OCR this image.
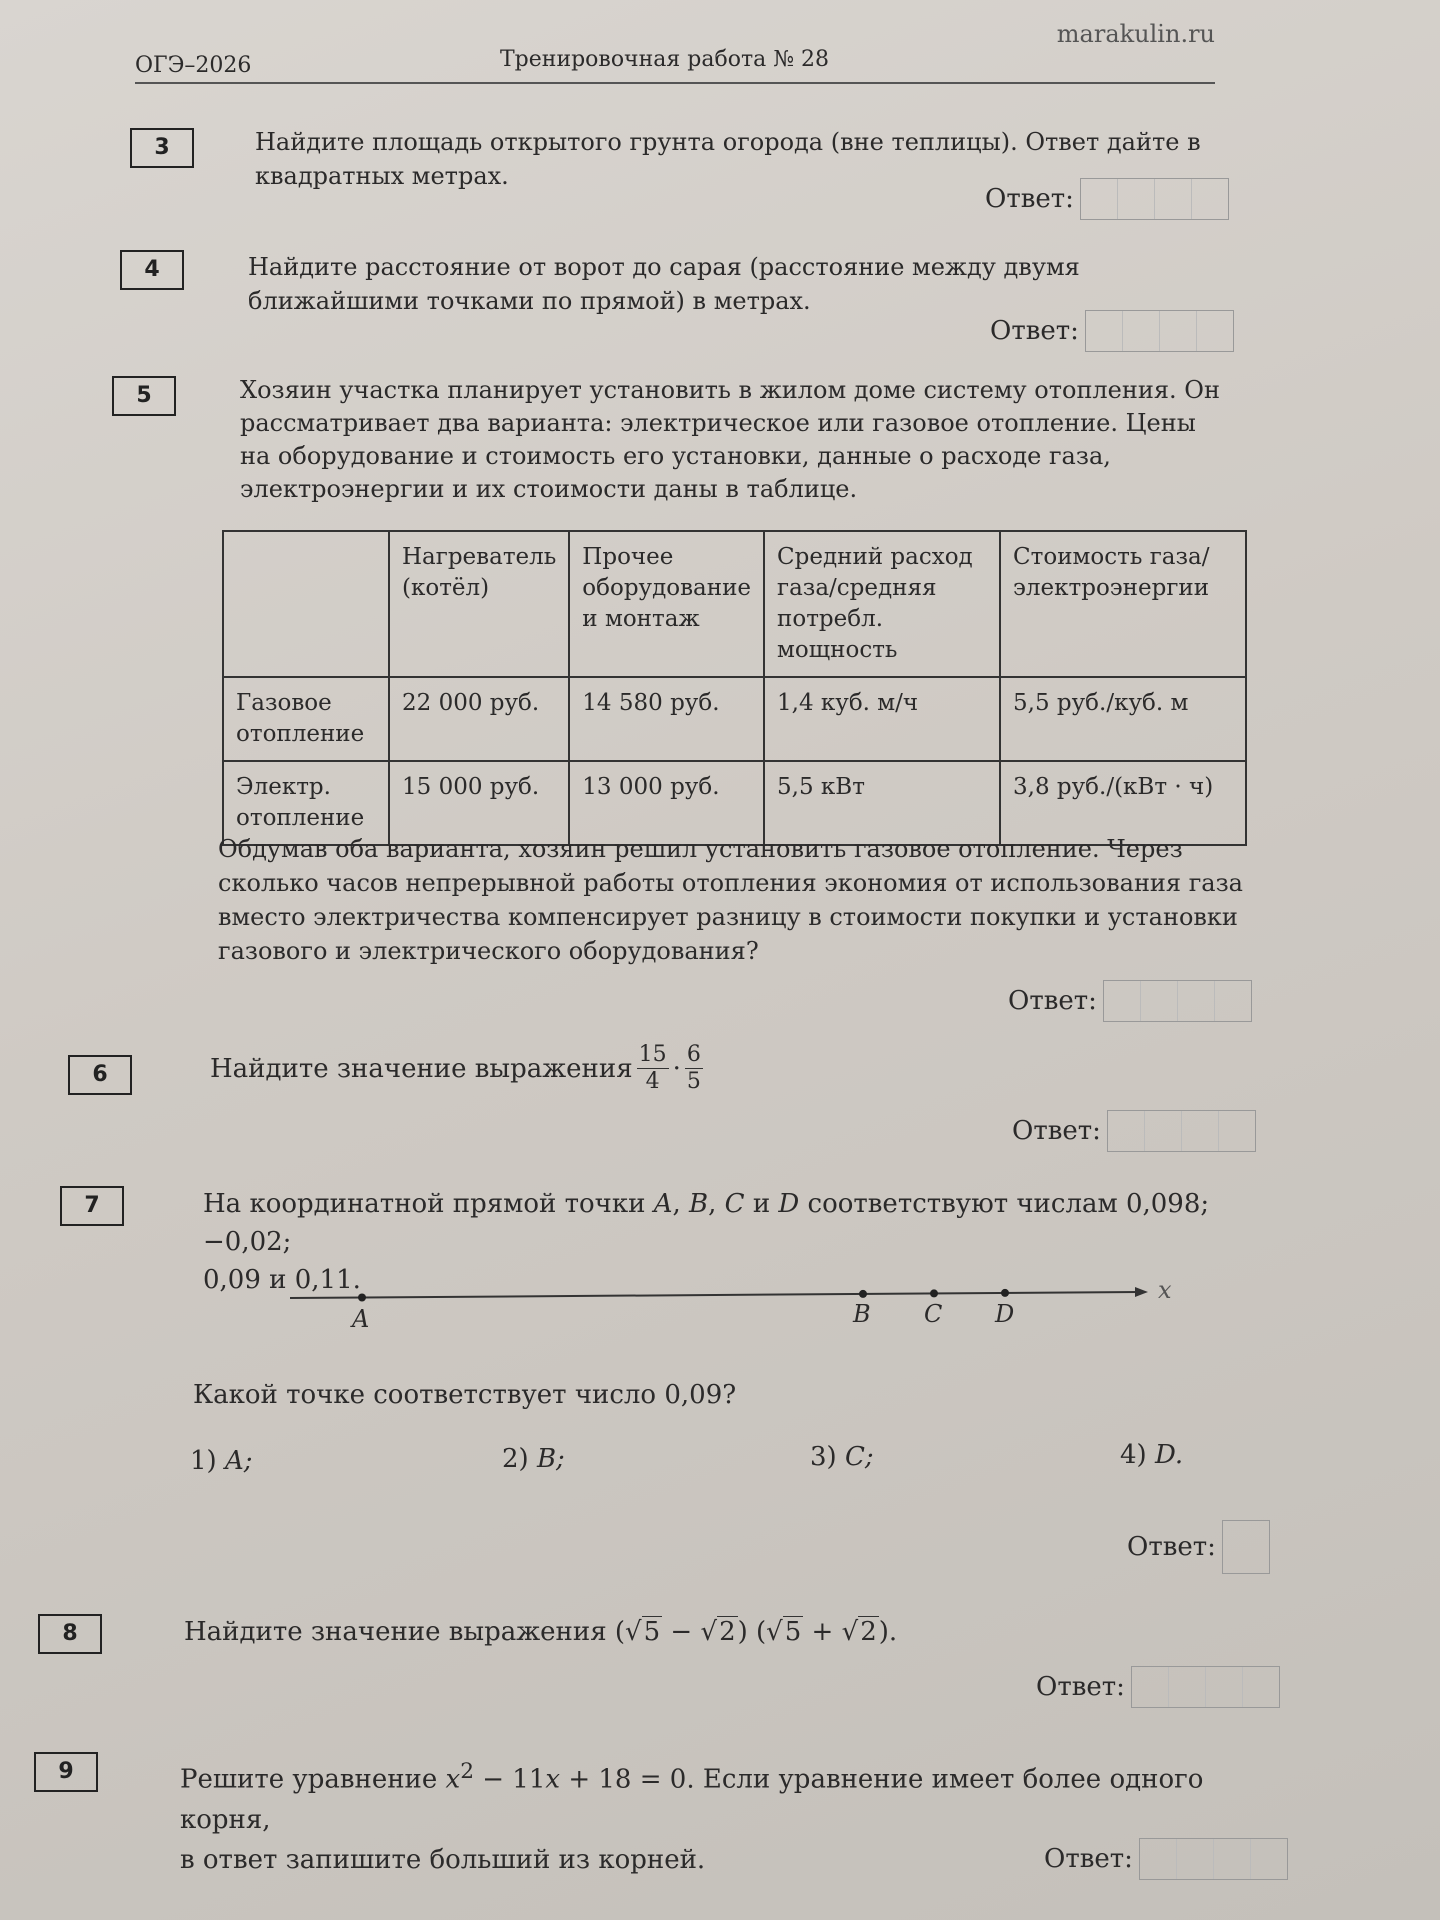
ОГЭ–2026	Тренировочная работа № 28
marakulin.ru
3	Найдите площадь открытого грунта огорода (вне теплицы). Ответ дайте в квадратных метрах.
Ответ:
4	Найдите расстояние от ворот до сарая (расстояние между двумя ближайшими точками по прямой) в метрах.
Ответ:
5	Хозяин участка планирует установить в жилом доме систему отопления. Он рассматривает два варианта: электрическое или газовое отопление. Цены на оборудование и стоимость его установки, данные о расходе газа, электроэнергии и их стоимости даны в таблице.
	Нагреватель (котёл)	Прочее оборудование и монтаж	Средний расход газа/средняя потребл. мощность	Стоимость газа/ электроэнергии
Газовое отопление	22 000 руб.	14 580 руб.	1,4 куб. м/ч	5,5 руб./куб. м
Электр. отопление	15 000 руб.	13 000 руб.	5,5 кВт	3,8 руб./(кВт · ч)
Обдумав оба варианта, хозяин решил установить газовое отопление. Через сколько часов непрерывной работы отопления экономия от использования газа вместо электричества компенсирует разницу в стоимости покупки и установки газового и электрического оборудования?
Ответ:
6	Найдите значение выражения $\frac{15}{4} \cdot \frac{6}{5}$
Ответ:
7	На координатной прямой точки A, B, C и D соответствуют числам 0,098; −0,02;
0,09 и 0,11.	x
A	B C D
Какой точке соответствует число 0,09?
1) A;	2) B;	3) C;	4) D.
Ответ:
8	Найдите значение выражения (√5 − √2) (√5 + √2).
Ответ:
9	Решите уравнение $x^2 - 11x + 18 = 0$. Если уравнение имеет более одного корня,
в ответ запишите больший из корней.	Ответ:
